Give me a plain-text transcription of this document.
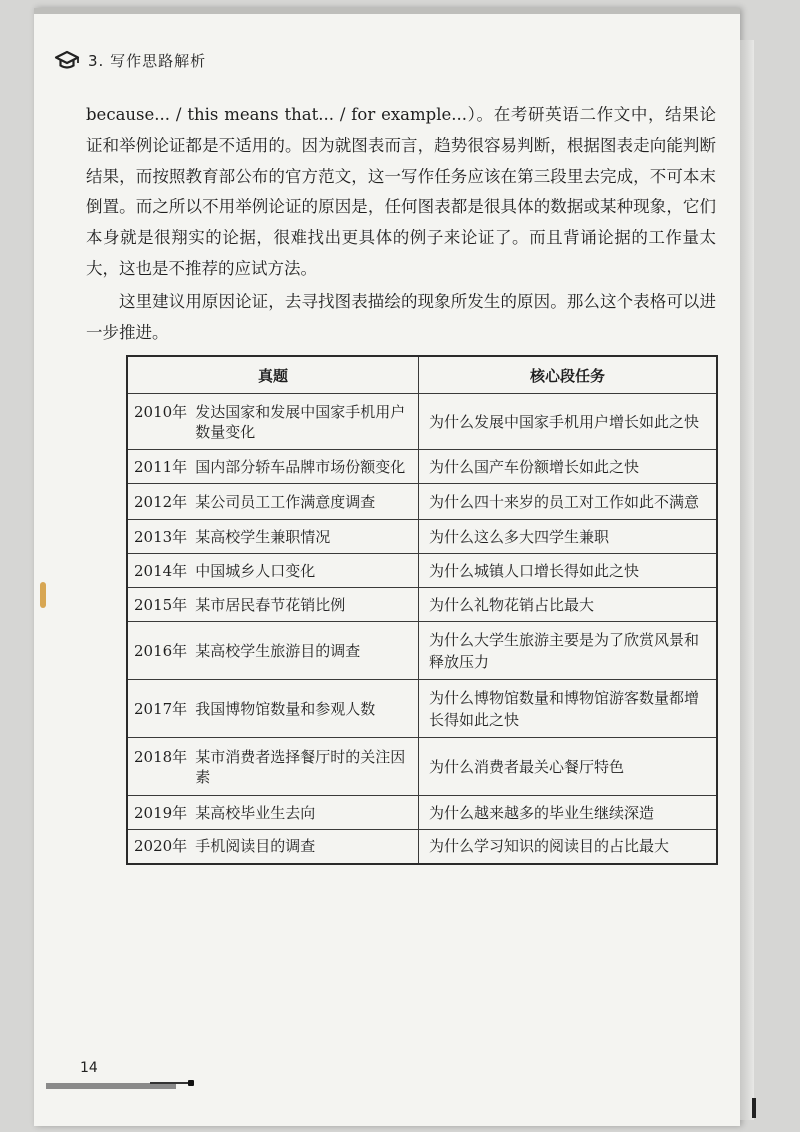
3. 写作思路解析

because... / this means that... / for example...）。在考研英语二作文中，结果论证和举例论证都是不适用的。因为就图表而言，趋势很容易判断，根据图表走向能判断结果，而按照教育部公布的官方范文，这一写作任务应该在第三段里去完成，不可本末倒置。而之所以不用举例论证的原因是，任何图表都是很具体的数据或某种现象，它们本身就是很翔实的论据，很难找出更具体的例子来论证了。而且背诵论据的工作量太大，这也是不推荐的应试方法。

这里建议用原因论证，去寻找图表描绘的现象所发生的原因。那么这个表格可以进一步推进。

真题	核心段任务

2010年 发达国家和发展中国家手机用户数量变化	为什么发展中国家手机用户增长如此之快

2011年 国内部分轿车品牌市场份额变化	为什么国产车份额增长如此之快

2012年 某公司员工工作满意度调查	为什么四十来岁的员工对工作如此不满意

2013年 某高校学生兼职情况	为什么这么多大四学生兼职

2014年 中国城乡人口变化	为什么城镇人口增长得如此之快

2015年 某市居民春节花销比例	为什么礼物花销占比最大

2016年 某高校学生旅游目的调查	为什么大学生旅游主要是为了欣赏风景和释放压力

2017年 我国博物馆数量和参观人数	为什么博物馆数量和博物馆游客数量都增长得如此之快

2018年 某市消费者选择餐厅时的关注因素	为什么消费者最关心餐厅特色

2019年 某高校毕业生去向	为什么越来越多的毕业生继续深造

2020年 手机阅读目的调查	为什么学习知识的阅读目的占比最大
14
